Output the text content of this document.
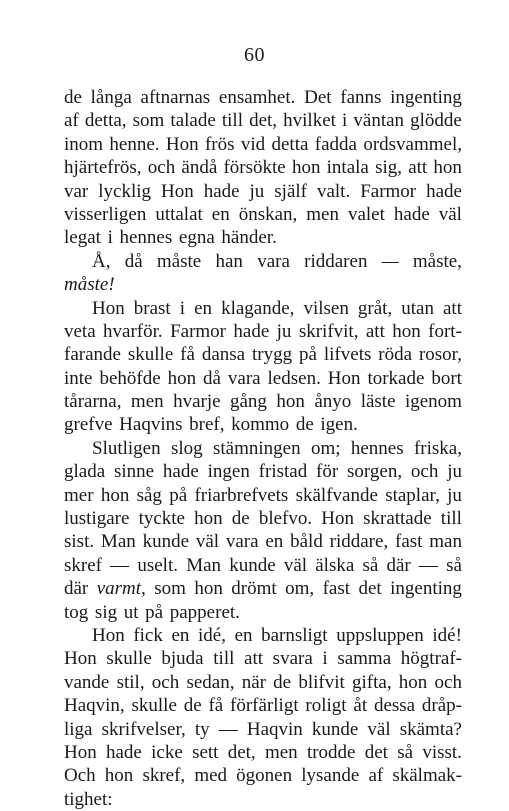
60
de långa aftnarnas ensamhet. Det fanns ingenting
af detta, som talade till det, hvilket i väntan glödde
inom henne. Hon frös vid detta fadda ordsvammel,
hjärtefrös, och ändå försökte hon intala sig, att hon
var lycklig Hon hade ju själf valt. Farmor hade
visserligen uttalat en önskan, men valet hade väl
legat i hennes egna händer.
Å, då måste han vara riddaren — måste,
måste!
Hon brast i en klagande, vilsen gråt, utan att
veta hvarför. Farmor hade ju skrifvit, att hon fort-
farande skulle få dansa trygg på lifvets röda rosor,
inte behöfde hon då vara ledsen. Hon torkade bort
tårarna, men hvarje gång hon ånyo läste igenom
grefve Haqvins bref, kommo de igen.
Slutligen slog stämningen om; hennes friska,
glada sinne hade ingen fristad för sorgen, och ju
mer hon såg på friarbrefvets skälfvande staplar, ju
lustigare tyckte hon de blefvo. Hon skrattade till
sist. Man kunde väl vara en båld riddare, fast man
skref — uselt. Man kunde väl älska så där — så
där varmt, som hon drömt om, fast det ingenting
tog sig ut på papperet.
Hon fick en idé, en barnsligt uppsluppen idé!
Hon skulle bjuda till att svara i samma högtraf-
vande stil, och sedan, när de blifvit gifta, hon och
Haqvin, skulle de få förfärligt roligt åt dessa dråp-
liga skrifvelser, ty — Haqvin kunde väl skämta?
Hon hade icke sett det, men trodde det så visst.
Och hon skref, med ögonen lysande af skälmak-
tighet:
